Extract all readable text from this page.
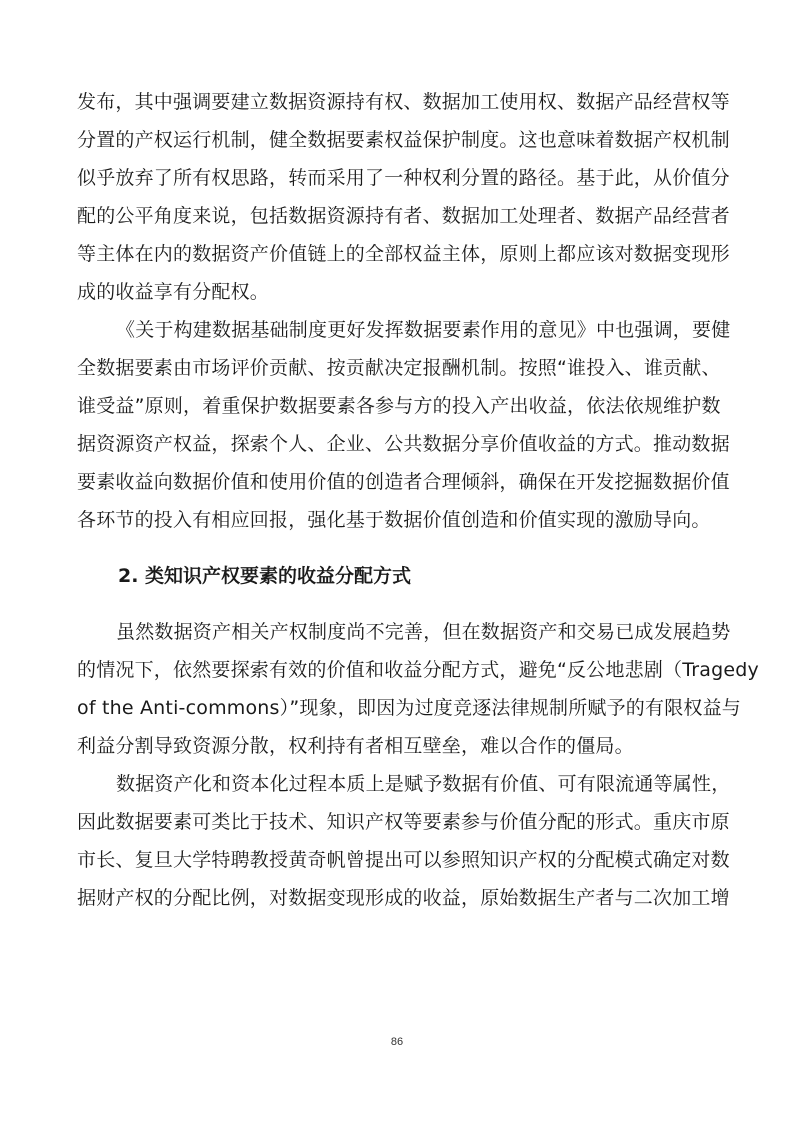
发布，其中强调要建立数据资源持有权、数据加工使用权、数据产品经营权等
分置的产权运行机制，健全数据要素权益保护制度。这也意味着数据产权机制
似乎放弃了所有权思路，转而采用了一种权利分置的路径。基于此，从价值分
配的公平角度来说，包括数据资源持有者、数据加工处理者、数据产品经营者
等主体在内的数据资产价值链上的全部权益主体，原则上都应该对数据变现形
成的收益享有分配权。
《关于构建数据基础制度更好发挥数据要素作用的意见》中也强调，要健
全数据要素由市场评价贡献、按贡献决定报酬机制。按照“谁投入、谁贡献、
谁受益”原则，着重保护数据要素各参与方的投入产出收益，依法依规维护数
据资源资产权益，探索个人、企业、公共数据分享价值收益的方式。推动数据
要素收益向数据价值和使用价值的创造者合理倾斜，确保在开发挖掘数据价值
各环节的投入有相应回报，强化基于数据价值创造和价值实现的激励导向。
2. 类知识产权要素的收益分配方式
虽然数据资产相关产权制度尚不完善，但在数据资产和交易已成发展趋势
的情况下，依然要探索有效的价值和收益分配方式，避免“反公地悲剧（Tragedy
of the Anti-commons）”现象，即因为过度竞逐法律规制所赋予的有限权益与
利益分割导致资源分散，权利持有者相互壁垒，难以合作的僵局。
数据资产化和资本化过程本质上是赋予数据有价值、可有限流通等属性，
因此数据要素可类比于技术、知识产权等要素参与价值分配的形式。重庆市原
市长、复旦大学特聘教授黄奇帆曾提出可以参照知识产权的分配模式确定对数
据财产权的分配比例，对数据变现形成的收益，原始数据生产者与二次加工增
86
